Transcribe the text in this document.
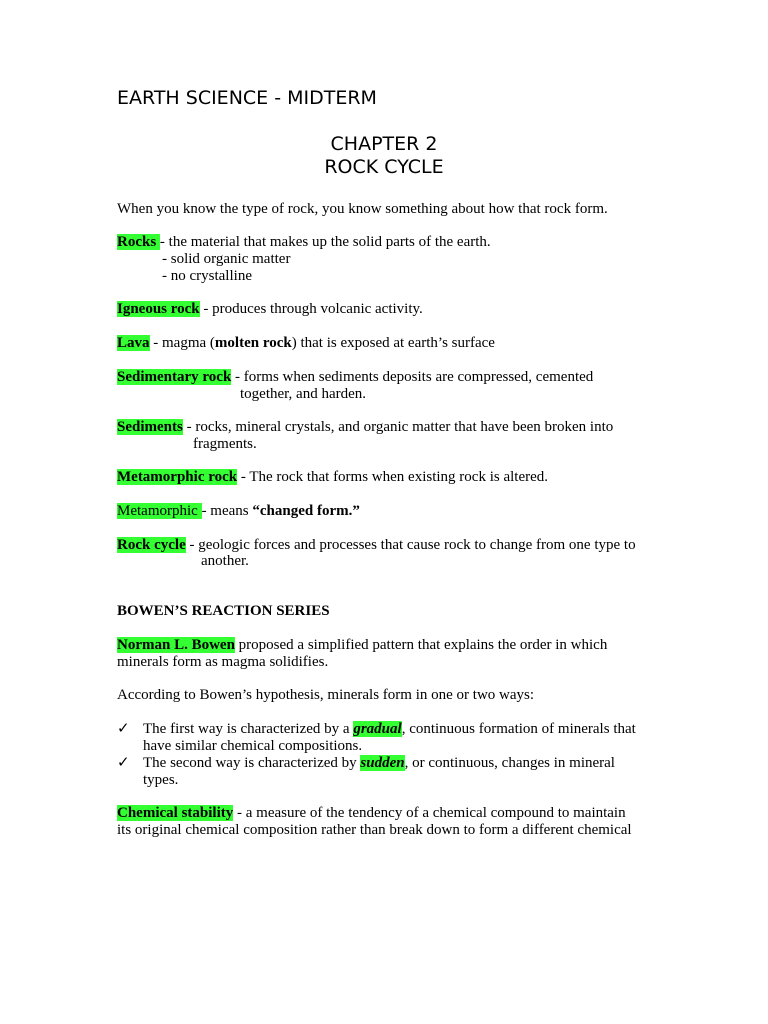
EARTH SCIENCE - MIDTERM
CHAPTER 2
ROCK CYCLE
When you know the type of rock, you know something about how that rock form.
Rocks - the material that makes up the solid parts of the earth.
- solid organic matter
- no crystalline
Igneous rock - produces through volcanic activity.
Lava - magma (molten rock) that is exposed at earth’s surface
Sedimentary rock - forms when sediments deposits are compressed, cemented
together, and harden.
Sediments - rocks, mineral crystals, and organic matter that have been broken into
fragments.
Metamorphic rock - The rock that forms when existing rock is altered.
Metamorphic - means “changed form.”
Rock cycle - geologic forces and processes that cause rock to change from one type to
another.
BOWEN’S REACTION SERIES
Norman L. Bowen proposed a simplified pattern that explains the order in which
minerals form as magma solidifies.
According to Bowen’s hypothesis, minerals form in one or two ways:
✓ The first way is characterized by a gradual, continuous formation of minerals that
have similar chemical compositions.
✓ The second way is characterized by sudden, or continuous, changes in mineral
types.
Chemical stability - a measure of the tendency of a chemical compound to maintain
its original chemical composition rather than break down to form a different chemical
